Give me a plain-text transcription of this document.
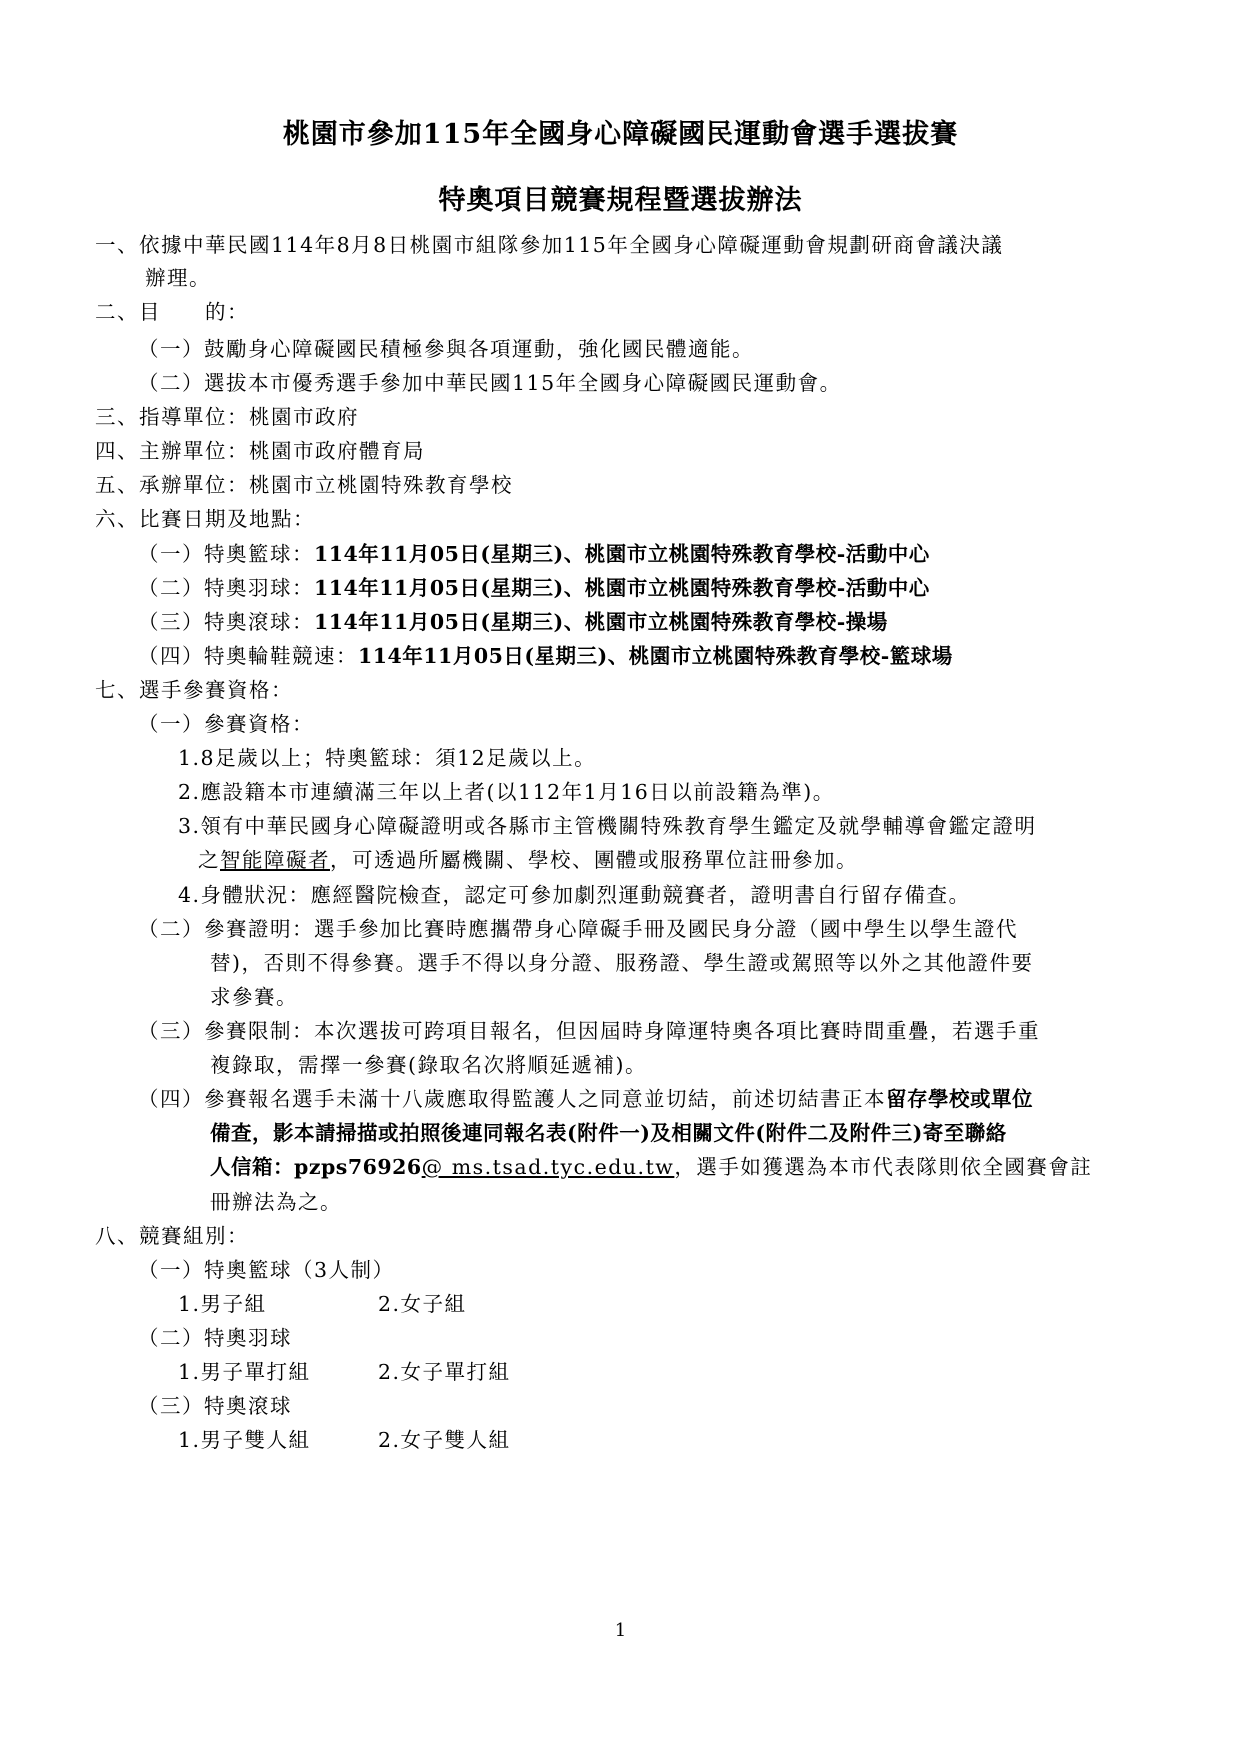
桃園市參加115年全國身心障礙國民運動會選手選拔賽
特奧項目競賽規程暨選拔辦法
一、依據中華民國114年8月8日桃園市組隊參加115年全國身心障礙運動會規劃研商會議決議
辦理。
二、目　　的：
（一）鼓勵身心障礙國民積極參與各項運動，強化國民體適能。
（二）選拔本市優秀選手參加中華民國115年全國身心障礙國民運動會。
三、指導單位：桃園市政府
四、主辦單位：桃園市政府體育局
五、承辦單位：桃園市立桃園特殊教育學校
六、比賽日期及地點：
（一）特奧籃球：114年11月05日(星期三)、桃園市立桃園特殊教育學校-活動中心
（二）特奧羽球：114年11月05日(星期三)、桃園市立桃園特殊教育學校-活動中心
（三）特奧滾球：114年11月05日(星期三)、桃園市立桃園特殊教育學校-操場
（四）特奧輪鞋競速：114年11月05日(星期三)、桃園市立桃園特殊教育學校-籃球場
七、選手參賽資格：
（一）參賽資格：
1.8足歲以上；特奧籃球：須12足歲以上。
2.應設籍本市連續滿三年以上者(以112年1月16日以前設籍為準)。
3.領有中華民國身心障礙證明或各縣市主管機關特殊教育學生鑑定及就學輔導會鑑定證明
之智能障礙者，可透過所屬機關、學校、團體或服務單位註冊參加。
4.身體狀況：應經醫院檢查，認定可參加劇烈運動競賽者，證明書自行留存備查。
（二）參賽證明：選手參加比賽時應攜帶身心障礙手冊及國民身分證（國中學生以學生證代
替)，否則不得參賽。選手不得以身分證、服務證、學生證或駕照等以外之其他證件要
求參賽。
（三）參賽限制：本次選拔可跨項目報名，但因屆時身障運特奧各項比賽時間重疊，若選手重
複錄取，需擇一參賽(錄取名次將順延遞補)。
（四）參賽報名選手未滿十八歲應取得監護人之同意並切結，前述切結書正本留存學校或單位
備查，影本請掃描或拍照後連同報名表(附件一)及相關文件(附件二及附件三)寄至聯絡
人信箱：pzps76926@ ms.tsad.tyc.edu.tw，選手如獲選為本市代表隊則依全國賽會註
冊辦法為之。
八、競賽組別：
（一）特奧籃球（3人制）
1.男子組	2.女子組
（二）特奧羽球
1.男子單打組	2.女子單打組
（三）特奧滾球
1.男子雙人組	2.女子雙人組
1
